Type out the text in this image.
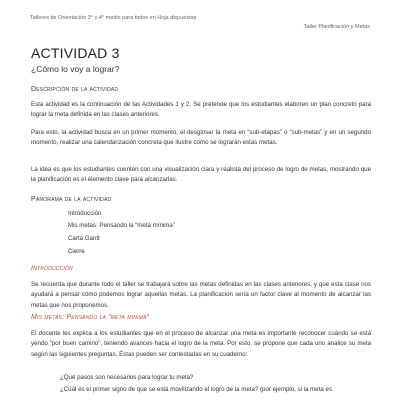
Talleres de Orientación 3° y 4° medio para todos en Hoja dispuestas
Taller Planificación y Metas
ACTIVIDAD 3
¿Cómo lo voy a lograr?
Descripción de la actividad
Esta actividad es la continuación de las Actividades 1 y 2. Se pretende que los estudiantes elaboren un plan concreto para lograr la meta definida en las clases anteriores.
Para esto, la actividad busca en un primer momento, el desglosar la meta en “sub-etapas” o “sub-metas” y en un segundo momento, realizar una calendarización concreta que ilustre cómo se lograrán estas metas.
La idea es que los estudiantes cuenten con una visualización clara y realista del proceso de logro de metas, mostrando que la planificación es el elemento clave para alcanzarlas.
Panorama de la actividad
Introducción
Mis metas: Pensando la “meta mínima”
Carta Gantt
Cierre
Introducción
Se recuerda que durante todo el taller se trabajará sobre las metas definidas en las clases anteriores, y que esta clase nos ayudará a pensar cómo podemos lograr aquellas metas. La planificación sería un factor clave al momento de alcanzar las metas que nos proponemos.
Mis metas: Pensando la “meta mínima”
El docente les explica a los estudiantes que en el proceso de alcanzar una meta es importante reconocer cuándo se está yendo “por buen camino”, teniendo avances hacia el logro de la meta. Por esto, se propone que cada uno analice su meta según las siguientes preguntas. Éstas pueden ser contestadas en su cuaderno:
¿Qué pasos son necesarios para lograr tu meta?
¿Cuál es el primer signo de que se está movilizando el logro de la meta? (por ejemplo, si la meta es
